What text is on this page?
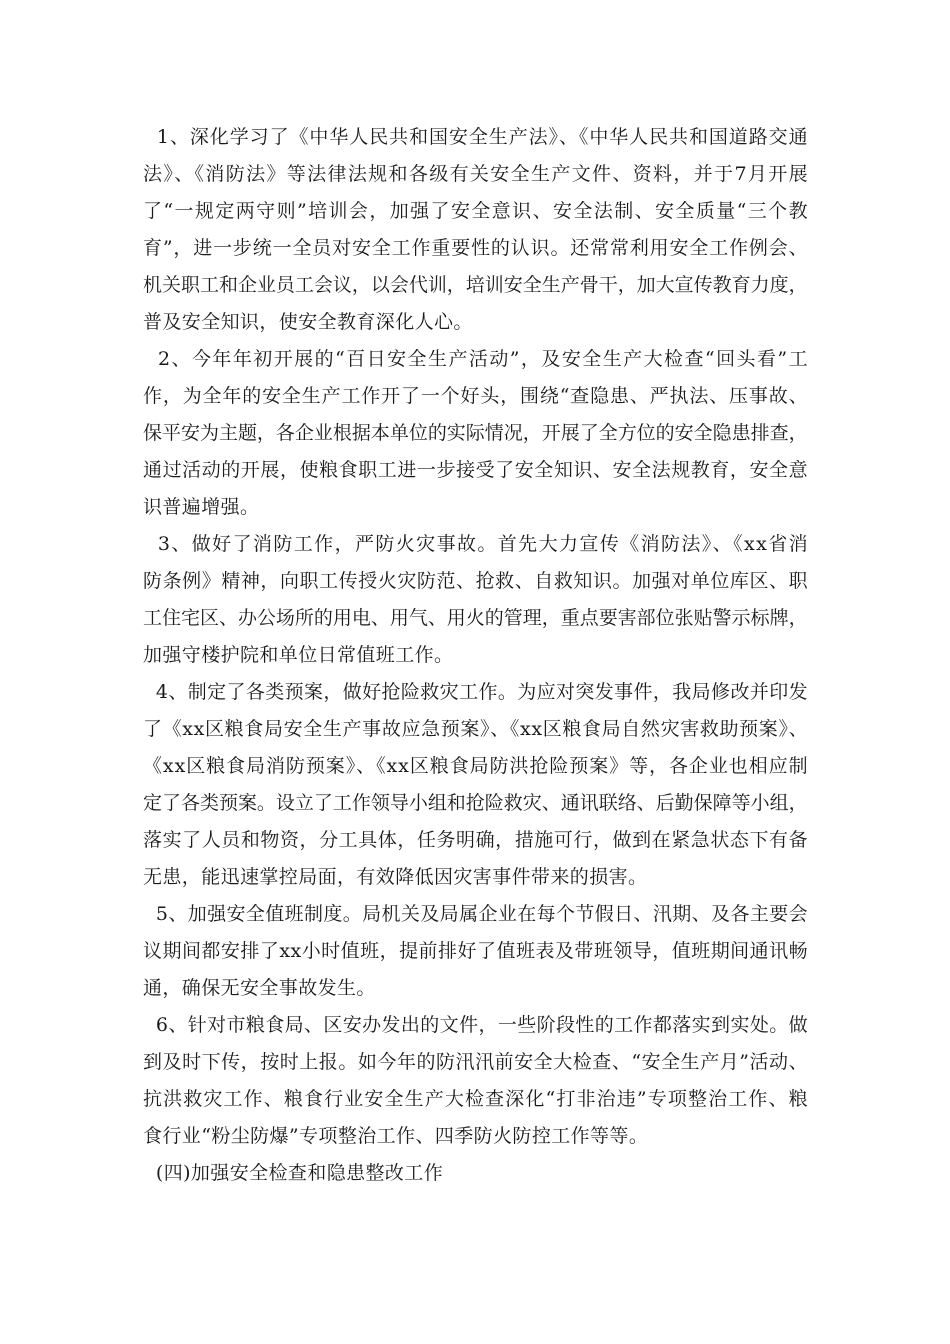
1、深化学习了《中华人民共和国安全生产法》、《中华人民共和国道路交通
法》、《消防法》等法律法规和各级有关安全生产文件、资料，并于7月开展
了“一规定两守则”培训会，加强了安全意识、安全法制、安全质量“三个教
育”，进一步统一全员对安全工作重要性的认识。还常常利用安全工作例会、
机关职工和企业员工会议，以会代训，培训安全生产骨干，加大宣传教育力度，
普及安全知识，使安全教育深化人心。
2、今年年初开展的“百日安全生产活动”，及安全生产大检查“回头看”工
作，为全年的安全生产工作开了一个好头，围绕“查隐患、严执法、压事故、
保平安为主题，各企业根据本单位的实际情况，开展了全方位的安全隐患排查，
通过活动的开展，使粮食职工进一步接受了安全知识、安全法规教育，安全意
识普遍增强。
3、做好了消防工作，严防火灾事故。首先大力宣传《消防法》、《xx省消
防条例》精神，向职工传授火灾防范、抢救、自救知识。加强对单位库区、职
工住宅区、办公场所的用电、用气、用火的管理，重点要害部位张贴警示标牌，
加强守楼护院和单位日常值班工作。
4、制定了各类预案，做好抢险救灾工作。为应对突发事件，我局修改并印发
了《xx区粮食局安全生产事故应急预案》、《xx区粮食局自然灾害救助预案》、
《xx区粮食局消防预案》、《xx区粮食局防洪抢险预案》等，各企业也相应制
定了各类预案。设立了工作领导小组和抢险救灾、通讯联络、后勤保障等小组，
落实了人员和物资，分工具体，任务明确，措施可行，做到在紧急状态下有备
无患，能迅速掌控局面，有效降低因灾害事件带来的损害。
5、加强安全值班制度。局机关及局属企业在每个节假日、汛期、及各主要会
议期间都安排了xx小时值班，提前排好了值班表及带班领导，值班期间通讯畅
通，确保无安全事故发生。
6、针对市粮食局、区安办发出的文件，一些阶段性的工作都落实到实处。做
到及时下传，按时上报。如今年的防汛汛前安全大检查、“安全生产月”活动、
抗洪救灾工作、粮食行业安全生产大检查深化“打非治违”专项整治工作、粮
食行业“粉尘防爆”专项整治工作、四季防火防控工作等等。
(四)加强安全检查和隐患整改工作
